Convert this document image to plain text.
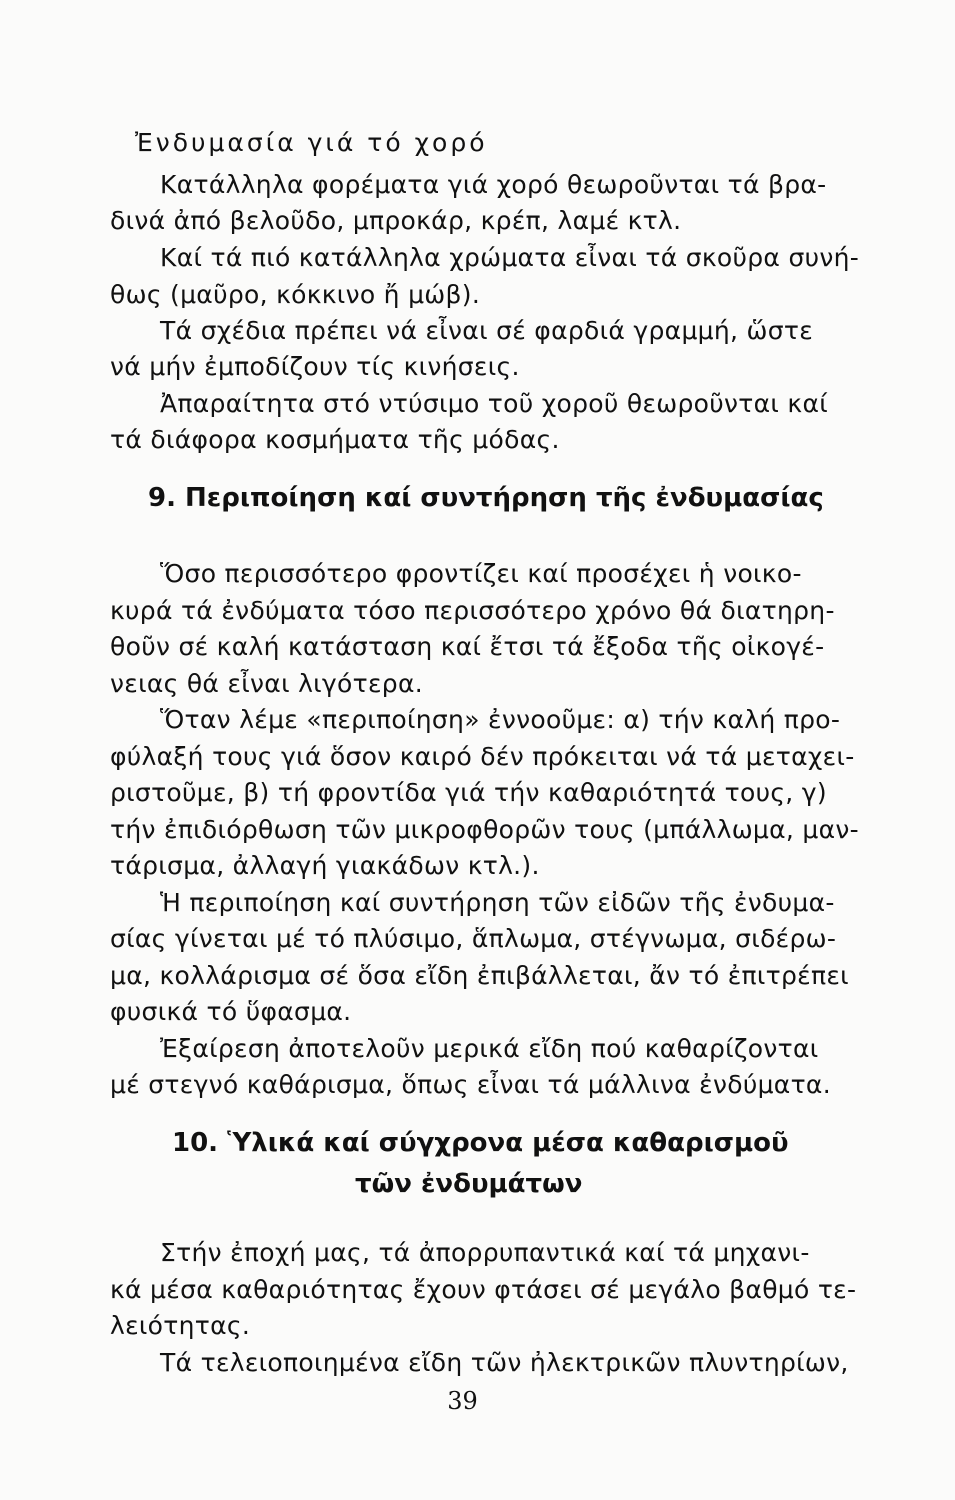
Ἐνδυμασία γιά τό χορό
Κατάλληλα φορέματα γιά χορό θεωροῦνται τά βρα-
δινά ἀπό βελοῦδο, μπροκάρ, κρέπ, λαμέ κτλ.
Καί τά πιό κατάλληλα χρώματα εἶναι τά σκοῦρα συνή-
θως (μαῦρο, κόκκινο ἤ μώβ).
Τά σχέδια πρέπει νά εἶναι σέ φαρδιά γραμμή, ὥστε
νά μήν ἐμποδίζουν τίς κινήσεις.
Ἀπαραίτητα στό ντύσιμο τοῦ χοροῦ θεωροῦνται καί
τά διάφορα κοσμήματα τῆς μόδας.
9. Περιποίηση καί συντήρηση τῆς ἐνδυμασίας
Ὅσο περισσότερο φροντίζει καί προσέχει ἡ νοικο-
κυρά τά ἐνδύματα τόσο περισσότερο χρόνο θά διατηρη-
θοῦν σέ καλή κατάσταση καί ἔτσι τά ἔξοδα τῆς οἰκογέ-
νειας θά εἶναι λιγότερα.
Ὅταν λέμε «περιποίηση» ἐννοοῦμε: α) τήν καλή προ-
φύλαξή τους γιά ὅσον καιρό δέν πρόκειται νά τά μεταχει-
ριστοῦμε, β) τή φροντίδα γιά τήν καθαριότητά τους, γ)
τήν ἐπιδιόρθωση τῶν μικροφθορῶν τους (μπάλλωμα, μαν-
τάρισμα, ἀλλαγή γιακάδων κτλ.).
Ἡ περιποίηση καί συντήρηση τῶν εἰδῶν τῆς ἐνδυμα-
σίας γίνεται μέ τό πλύσιμο, ἅπλωμα, στέγνωμα, σιδέρω-
μα, κολλάρισμα σέ ὅσα εἴδη ἐπιβάλλεται, ἄν τό ἐπιτρέπει
φυσικά τό ὕφασμα.
Ἐξαίρεση ἀποτελοῦν μερικά εἴδη πού καθαρίζονται
μέ στεγνό καθάρισμα, ὅπως εἶναι τά μάλλινα ἐνδύματα.
10. Ὑλικά καί σύγχρονα μέσα καθαρισμοῦ
τῶν ἐνδυμάτων
Στήν ἐποχή μας, τά ἀπορρυπαντικά καί τά μηχανι-
κά μέσα καθαριότητας ἔχουν φτάσει σέ μεγάλο βαθμό τε-
λειότητας.
Τά τελειοποιημένα εἴδη τῶν ἠλεκτρικῶν πλυντηρίων,
39
